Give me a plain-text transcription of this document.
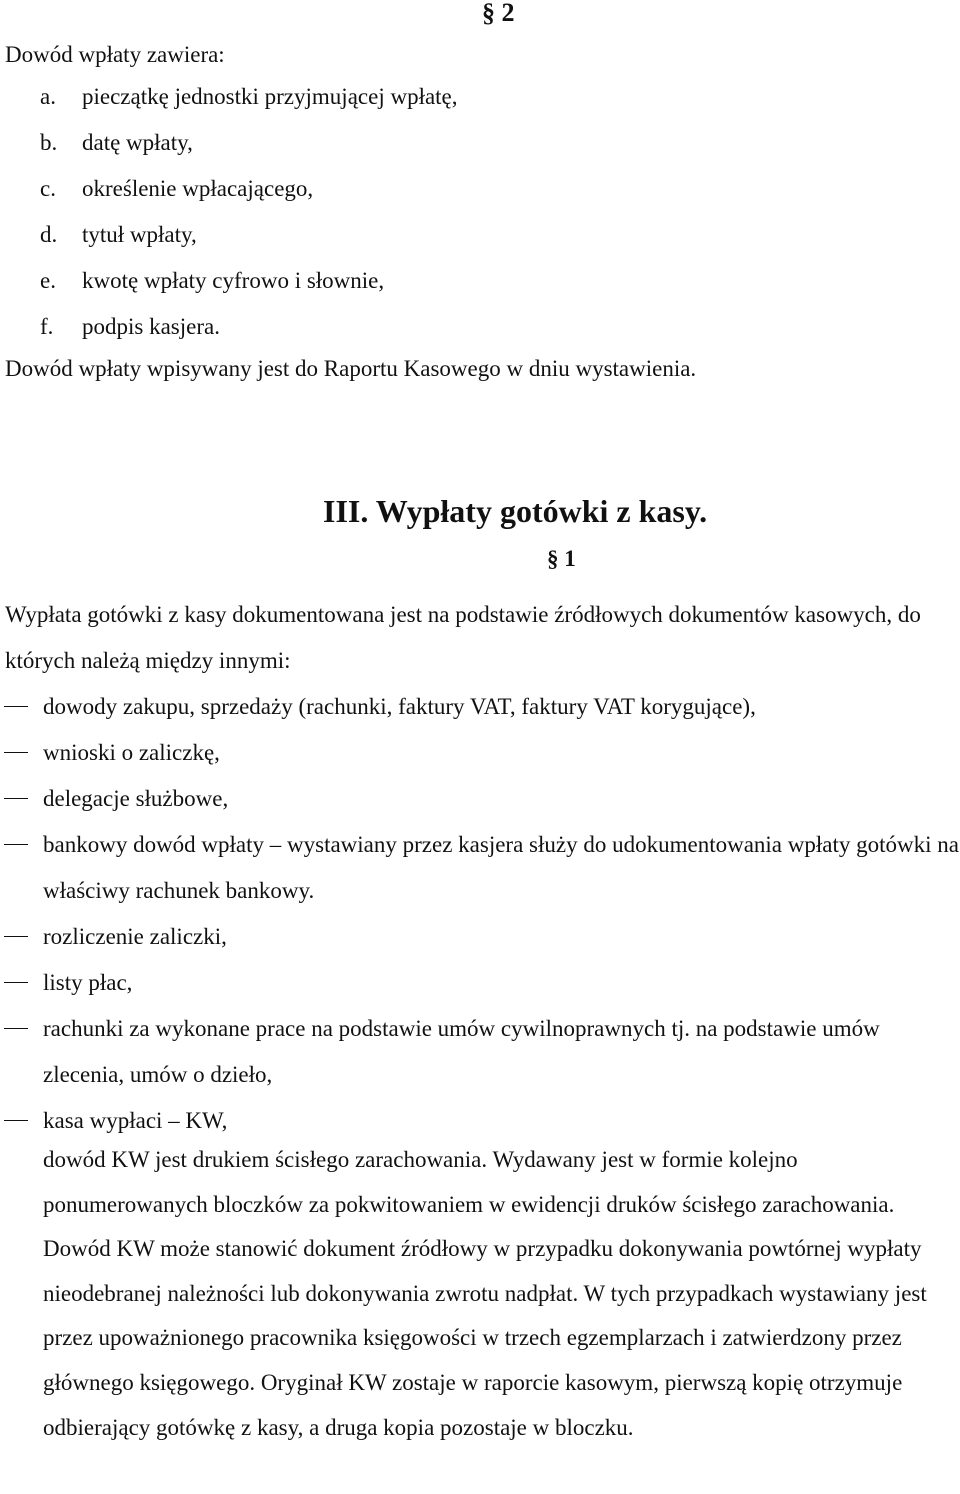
§ 2
Dowód wpłaty zawiera:
a.	pieczątkę jednostki przyjmującej wpłatę,
b.	datę wpłaty,
c.	określenie wpłacającego,
d.	tytuł wpłaty,
e.	kwotę wpłaty cyfrowo i słownie,
f.	podpis kasjera.
Dowód wpłaty wpisywany jest do Raportu Kasowego w dniu wystawienia.
III. Wypłaty gotówki z kasy.
§ 1
Wypłata gotówki z kasy dokumentowana jest na podstawie źródłowych dokumentów kasowych, do których należą między innymi:
dowody zakupu, sprzedaży (rachunki, faktury VAT, faktury VAT korygujące),
wnioski o zaliczkę,
delegacje służbowe,
bankowy dowód wpłaty – wystawiany przez kasjera służy do udokumentowania wpłaty gotówki na właściwy rachunek bankowy.
rozliczenie zaliczki,
listy płac,
rachunki za wykonane prace na podstawie umów cywilnoprawnych tj. na podstawie umów zlecenia, umów o dzieło,
kasa wypłaci – KW,

dowód KW jest drukiem ścisłego zarachowania. Wydawany jest w formie kolejno ponumerowanych bloczków za pokwitowaniem w ewidencji druków ścisłego zarachowania. Dowód KW może stanowić dokument źródłowy w przypadku dokonywania powtórnej wypłaty nieodebranej należności lub dokonywania zwrotu nadpłat. W tych przypadkach wystawiany jest przez upoważnionego pracownika księgowości w trzech egzemplarzach i zatwierdzony przez głównego księgowego. Oryginał KW zostaje w raporcie kasowym, pierwszą kopię otrzymuje odbierający gotówkę z kasy, a druga kopia pozostaje w bloczku.
